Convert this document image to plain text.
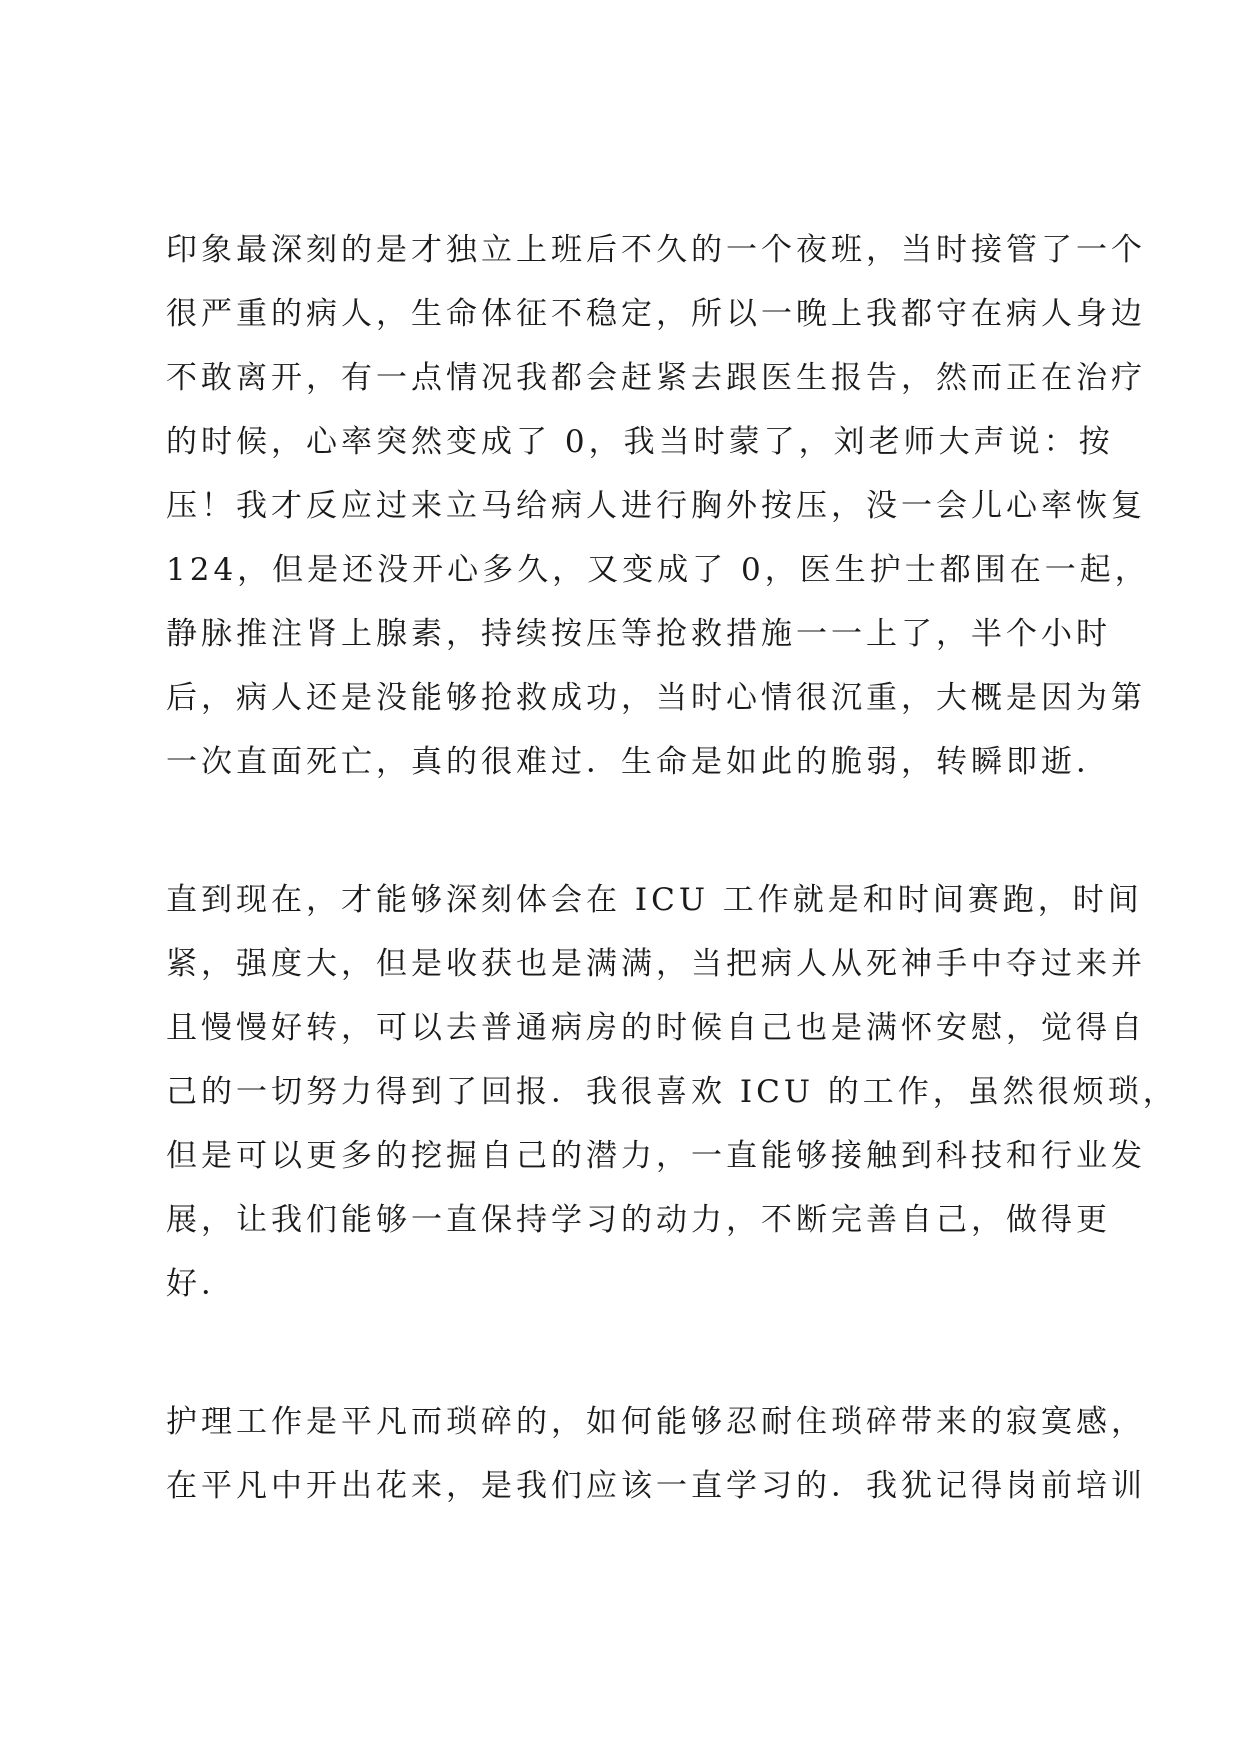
印象最深刻的是才独立上班后不久的一个夜班，当时接管了一个
很严重的病人，生命体征不稳定，所以一晚上我都守在病人身边
不敢离开，有一点情况我都会赶紧去跟医生报告，然而正在治疗
的时候，心率突然变成了 0，我当时蒙了，刘老师大声说：按
压！我才反应过来立马给病人进行胸外按压，没一会儿心率恢复
124，但是还没开心多久，又变成了 0，医生护士都围在一起，
静脉推注肾上腺素，持续按压等抢救措施一一上了，半个小时
后，病人还是没能够抢救成功，当时心情很沉重，大概是因为第
一次直面死亡，真的很难过．生命是如此的脆弱，转瞬即逝．
直到现在，才能够深刻体会在 ICU 工作就是和时间赛跑，时间
紧，强度大，但是收获也是满满，当把病人从死神手中夺过来并
且慢慢好转，可以去普通病房的时候自己也是满怀安慰，觉得自
己的一切努力得到了回报．我很喜欢 ICU 的工作，虽然很烦琐，
但是可以更多的挖掘自己的潜力，一直能够接触到科技和行业发
展，让我们能够一直保持学习的动力，不断完善自己，做得更
好．
护理工作是平凡而琐碎的，如何能够忍耐住琐碎带来的寂寞感，
在平凡中开出花来，是我们应该一直学习的．我犹记得岗前培训
